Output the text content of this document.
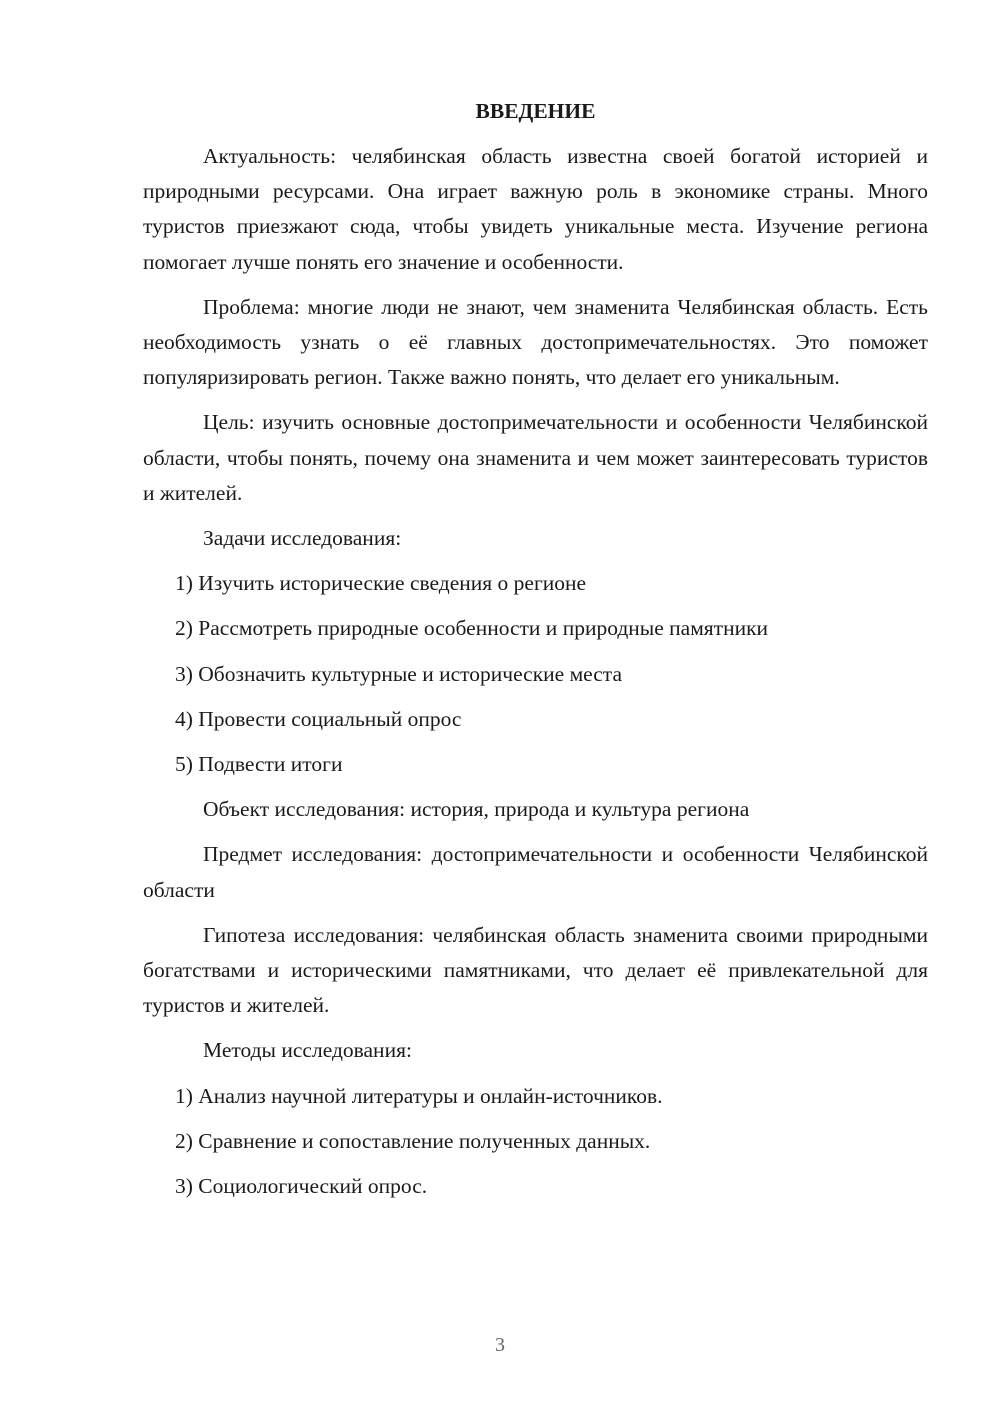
ВВЕДЕНИЕ

Актуальность: челябинская область известна своей богатой историей и природными ресурсами. Она играет важную роль в экономике страны. Много туристов приезжают сюда, чтобы увидеть уникальные места. Изучение региона помогает лучше понять его значение и особенности.

Проблема: многие люди не знают, чем знаменита Челябинская область. Есть необходимость узнать о её главных достопримечательностях. Это поможет популяризировать регион. Также важно понять, что делает его уникальным.

Цель: изучить основные достопримечательности и особенности Челябинской области, чтобы понять, почему она знаменита и чем может заинтересовать туристов и жителей.

Задачи исследования:

1) Изучить исторические сведения о регионе
2) Рассмотреть природные особенности и природные памятники
3) Обозначить культурные и исторические места
4) Провести социальный опрос
5) Подвести итоги

Объект исследования: история, природа и культура региона

Предмет исследования: достопримечательности и особенности Челябинской области

Гипотеза исследования: челябинская область знаменита своими природными богатствами и историческими памятниками, что делает её привлекательной для туристов и жителей.

Методы исследования:

1) Анализ научной литературы и онлайн-источников.
2) Сравнение и сопоставление полученных данных.
3) Социологический опрос.
3
